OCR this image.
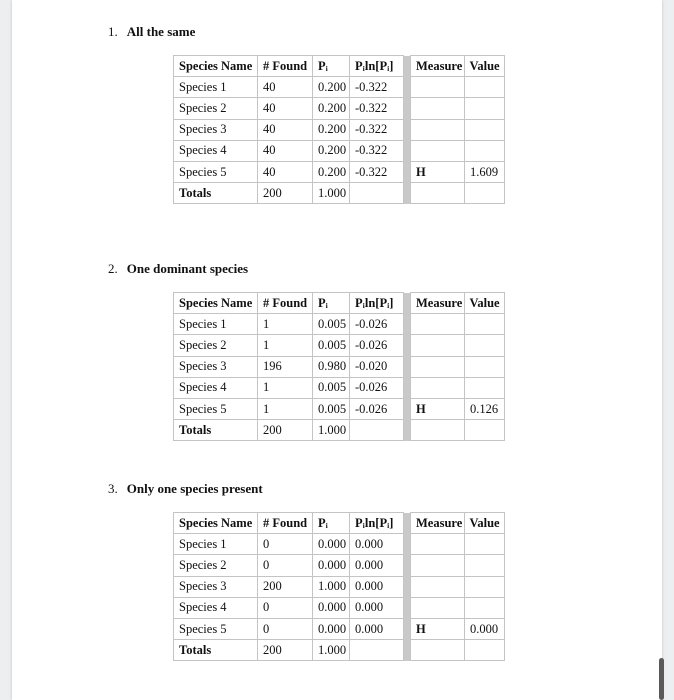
1. All the same
Species Name	# Found	Pᵢ	Pᵢln[Pᵢ]		Measure	Value
Species 1	40	0.200	-0.322			
Species 2	40	0.200	-0.322			
Species 3	40	0.200	-0.322			
Species 4	40	0.200	-0.322			
Species 5	40	0.200	-0.322		H	1.609
Totals	200	1.000				
2. One dominant species
Species Name	# Found	Pᵢ	Pᵢln[Pᵢ]		Measure	Value
Species 1	1	0.005	-0.026			
Species 2	1	0.005	-0.026			
Species 3	196	0.980	-0.020			
Species 4	1	0.005	-0.026			
Species 5	1	0.005	-0.026		H	0.126
Totals	200	1.000				
3. Only one species present
Species Name	# Found	Pᵢ	Pᵢln[Pᵢ]		Measure	Value
Species 1	0	0.000	0.000			
Species 2	0	0.000	0.000			
Species 3	200	1.000	0.000			
Species 4	0	0.000	0.000			
Species 5	0	0.000	0.000		H	0.000
Totals	200	1.000				
